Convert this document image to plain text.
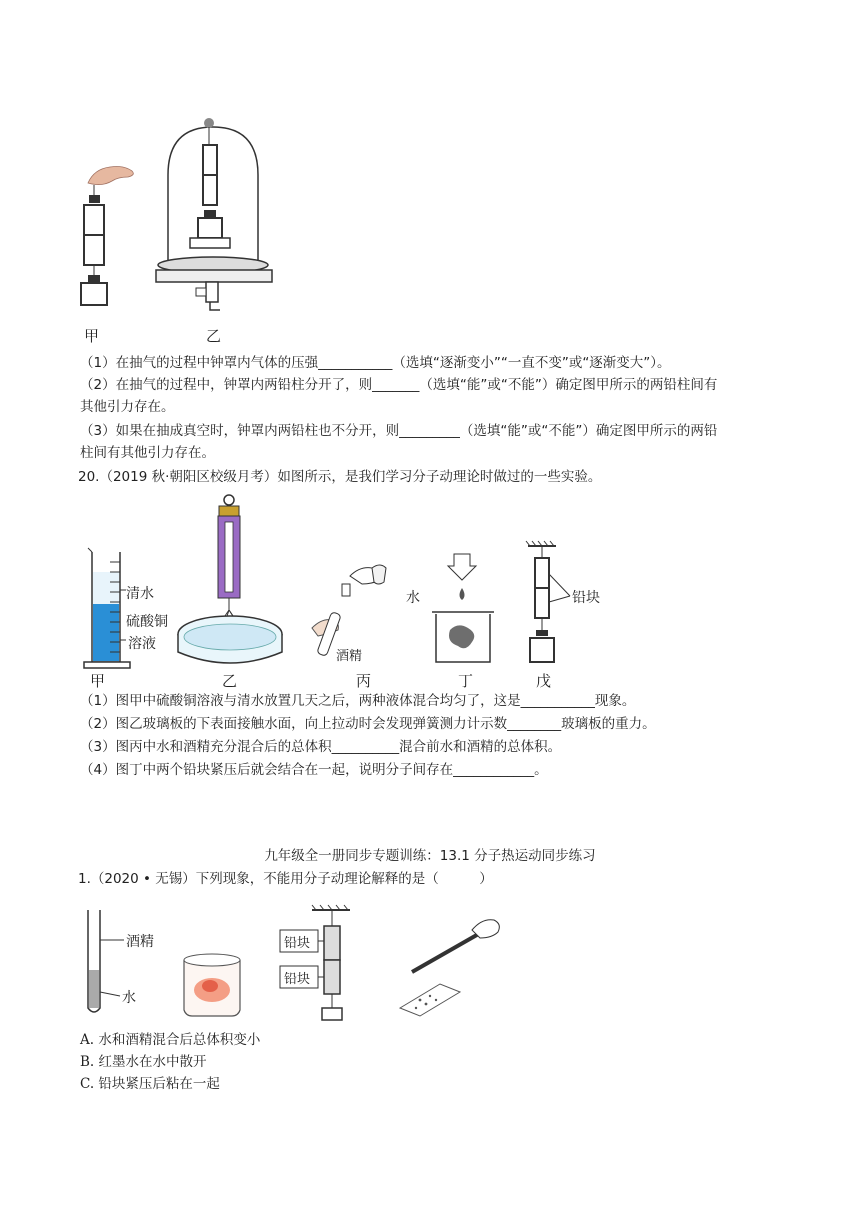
甲	乙
（1）在抽气的过程中钟罩内气体的压强___________（选填“逐渐变小”“一直不变”或“逐渐变大”）。
（2）在抽气的过程中，钟罩内两铅柱分开了，则_______（选填“能”或“不能”）确定图甲所示的两铅柱间有
其他引力存在。
（3）如果在抽成真空时，钟罩内两铅柱也不分开，则_________（选填“能”或“不能”）确定图甲所示的两铅
柱间有其他引力存在。
20.（2019 秋·朝阳区校级月考）如图所示，是我们学习分子动理论时做过的一些实验。
清水
硫酸铜
溶液
水
酒精
铅块
甲	乙	丙	丁	戊
（1）图甲中硫酸铜溶液与清水放置几天之后，两种液体混合均匀了，这是___________现象。
（2）图乙玻璃板的下表面接触水面，向上拉动时会发现弹簧测力计示数________玻璃板的重力。
（3）图丙中水和酒精充分混合后的总体积__________混合前水和酒精的总体积。
（4）图丁中两个铅块紧压后就会结合在一起，说明分子间存在____________。
九年级全一册同步专题训练：13.1 分子热运动同步练习
1.（2020 • 无锡）下列现象，不能用分子动理论解释的是（　　　）
酒精
水
铅块
铅块
A. 水和酒精混合后总体积变小
B. 红墨水在水中散开
C. 铅块紧压后粘在一起
